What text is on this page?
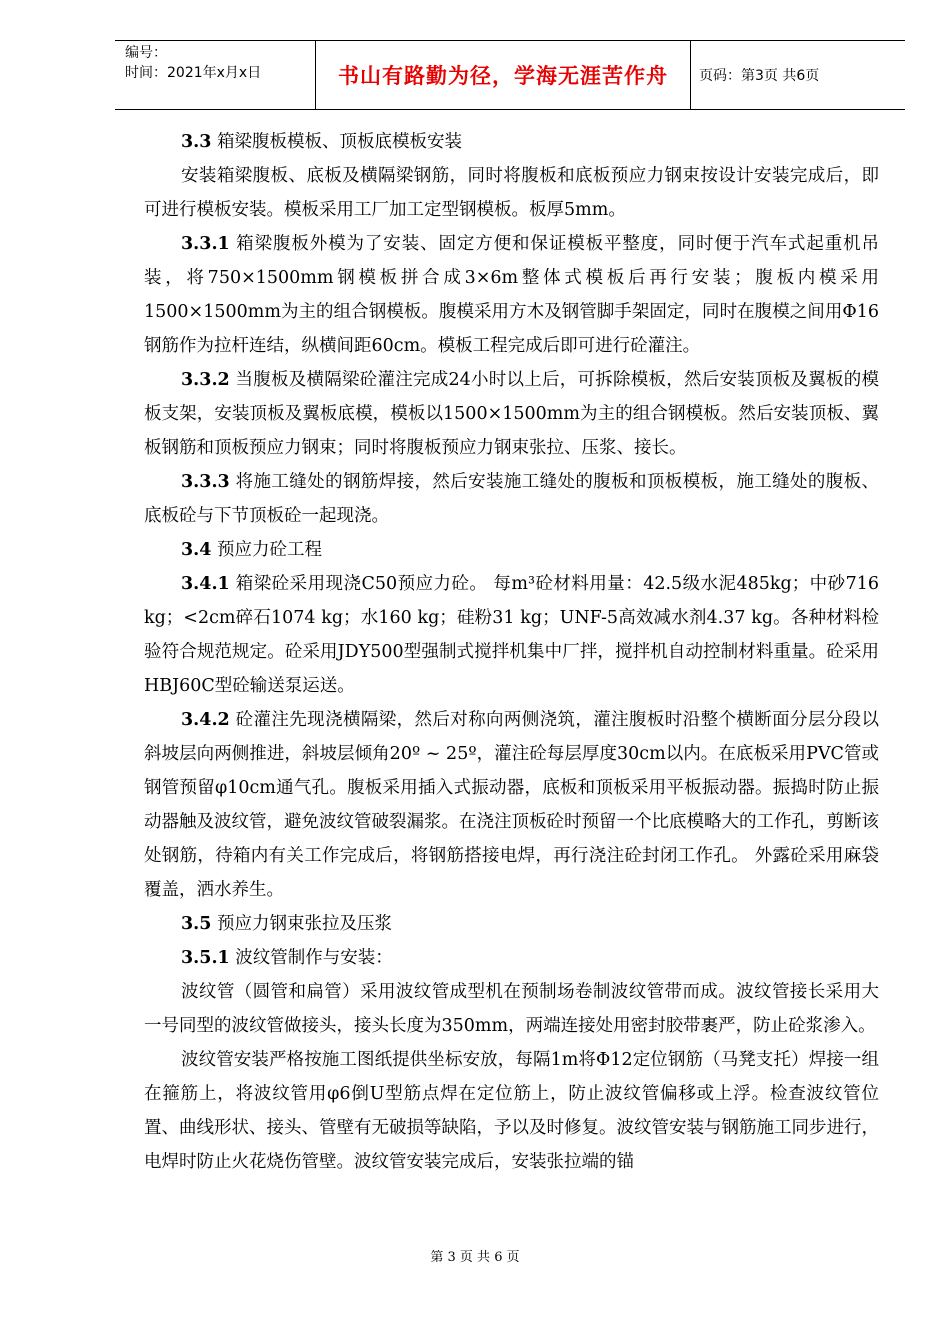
编号：
时间：2021年x月x日	书山有路勤为径，学海无涯苦作舟	页码：第3页 共6页

3.3 箱梁腹板模板、顶板底模板安装

安装箱梁腹板、底板及横隔梁钢筋，同时将腹板和底板预应力钢束按设计安装完成后，即可进行模板安装。模板采用工厂加工定型钢模板。板厚5mm。

3.3.1 箱梁腹板外模为了安装、固定方便和保证模板平整度，同时便于汽车式起重机吊装，将750×1500mm钢模板拼合成3×6m整体式模板后再行安装；腹板内模采用1500×1500mm为主的组合钢模板。腹模采用方木及钢管脚手架固定，同时在腹模之间用Φ16钢筋作为拉杆连结，纵横间距60cm。模板工程完成后即可进行砼灌注。

3.3.2 当腹板及横隔梁砼灌注完成24小时以上后，可拆除模板，然后安装顶板及翼板的模板支架，安装顶板及翼板底模，模板以1500×1500mm为主的组合钢模板。然后安装顶板、翼板钢筋和顶板预应力钢束；同时将腹板预应力钢束张拉、压浆、接长。

3.3.3 将施工缝处的钢筋焊接，然后安装施工缝处的腹板和顶板模板，施工缝处的腹板、底板砼与下节顶板砼一起现浇。

3.4 预应力砼工程

3.4.1 箱梁砼采用现浇C50预应力砼。 每m³砼材料用量：42.5级水泥485kg；中砂716 kg；<2cm碎石1074 kg；水160 kg；硅粉31 kg；UNF-5高效减水剂4.37 kg。各种材料检验符合规范规定。砼采用JDY500型强制式搅拌机集中厂拌，搅拌机自动控制材料重量。砼采用HBJ60C型砼输送泵运送。

3.4.2 砼灌注先现浇横隔梁，然后对称向两侧浇筑，灌注腹板时沿整个横断面分层分段以斜坡层向两侧推进，斜坡层倾角20º ~ 25º，灌注砼每层厚度30cm以内。在底板采用PVC管或钢管预留φ10cm通气孔。腹板采用插入式振动器，底板和顶板采用平板振动器。振捣时防止振动器触及波纹管，避免波纹管破裂漏浆。在浇注顶板砼时预留一个比底模略大的工作孔，剪断该处钢筋，待箱内有关工作完成后，将钢筋搭接电焊，再行浇注砼封闭工作孔。 外露砼采用麻袋覆盖，洒水养生。

3.5 预应力钢束张拉及压浆

3.5.1 波纹管制作与安装：

波纹管（圆管和扁管）采用波纹管成型机在预制场卷制波纹管带而成。波纹管接长采用大一号同型的波纹管做接头，接头长度为350mm，两端连接处用密封胶带裹严，防止砼浆渗入。

波纹管安装严格按施工图纸提供坐标安放，每隔1m将Φ12定位钢筋（马凳支托）焊接一组在箍筋上，将波纹管用φ6倒U型筋点焊在定位筋上，防止波纹管偏移或上浮。检查波纹管位置、曲线形状、接头、管壁有无破损等缺陷，予以及时修复。波纹管安装与钢筋施工同步进行，电焊时防止火花烧伤管壁。波纹管安装完成后，安装张拉端的锚

第 3 页 共 6 页
